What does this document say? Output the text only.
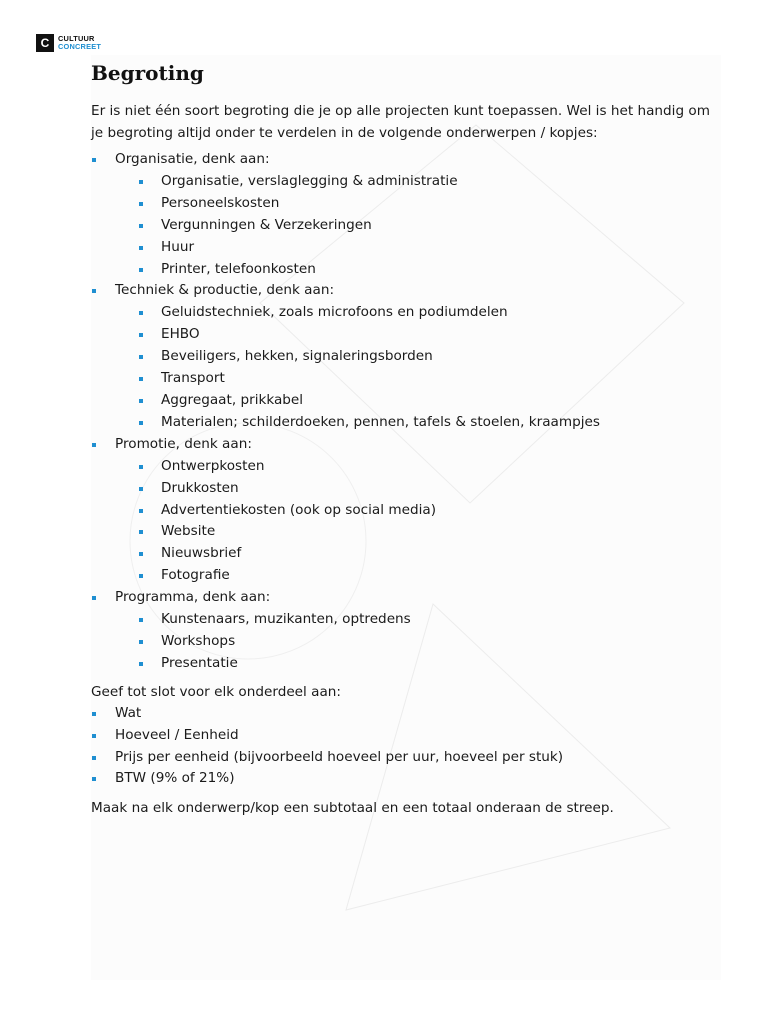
C	CULTUUR
CONCREET
Begroting

Er is niet één soort begroting die je op alle projecten kunt toepassen. Wel is het handig om je begroting altijd onder te verdelen in de volgende onderwerpen / kopjes:

Organisatie, denk aan:
Organisatie, verslaglegging & administratie
Personeelskosten
Vergunningen & Verzekeringen
Huur
Printer, telefoonkosten
Techniek & productie, denk aan:
Geluidstechniek, zoals microfoons en podiumdelen
EHBO
Beveiligers, hekken, signaleringsborden
Transport
Aggregaat, prikkabel
Materialen; schilderdoeken, pennen, tafels & stoelen, kraampjes
Promotie, denk aan:
Ontwerpkosten
Drukkosten
Advertentiekosten (ook op social media)
Website
Nieuwsbrief
Fotografie
Programma, denk aan:
Kunstenaars, muzikanten, optredens
Workshops
Presentatie

Geef tot slot voor elk onderdeel aan:

Wat
Hoeveel / Eenheid
Prijs per eenheid (bijvoorbeeld hoeveel per uur, hoeveel per stuk)
BTW (9% of 21%)

Maak na elk onderwerp/kop een subtotaal en een totaal onderaan de streep.
